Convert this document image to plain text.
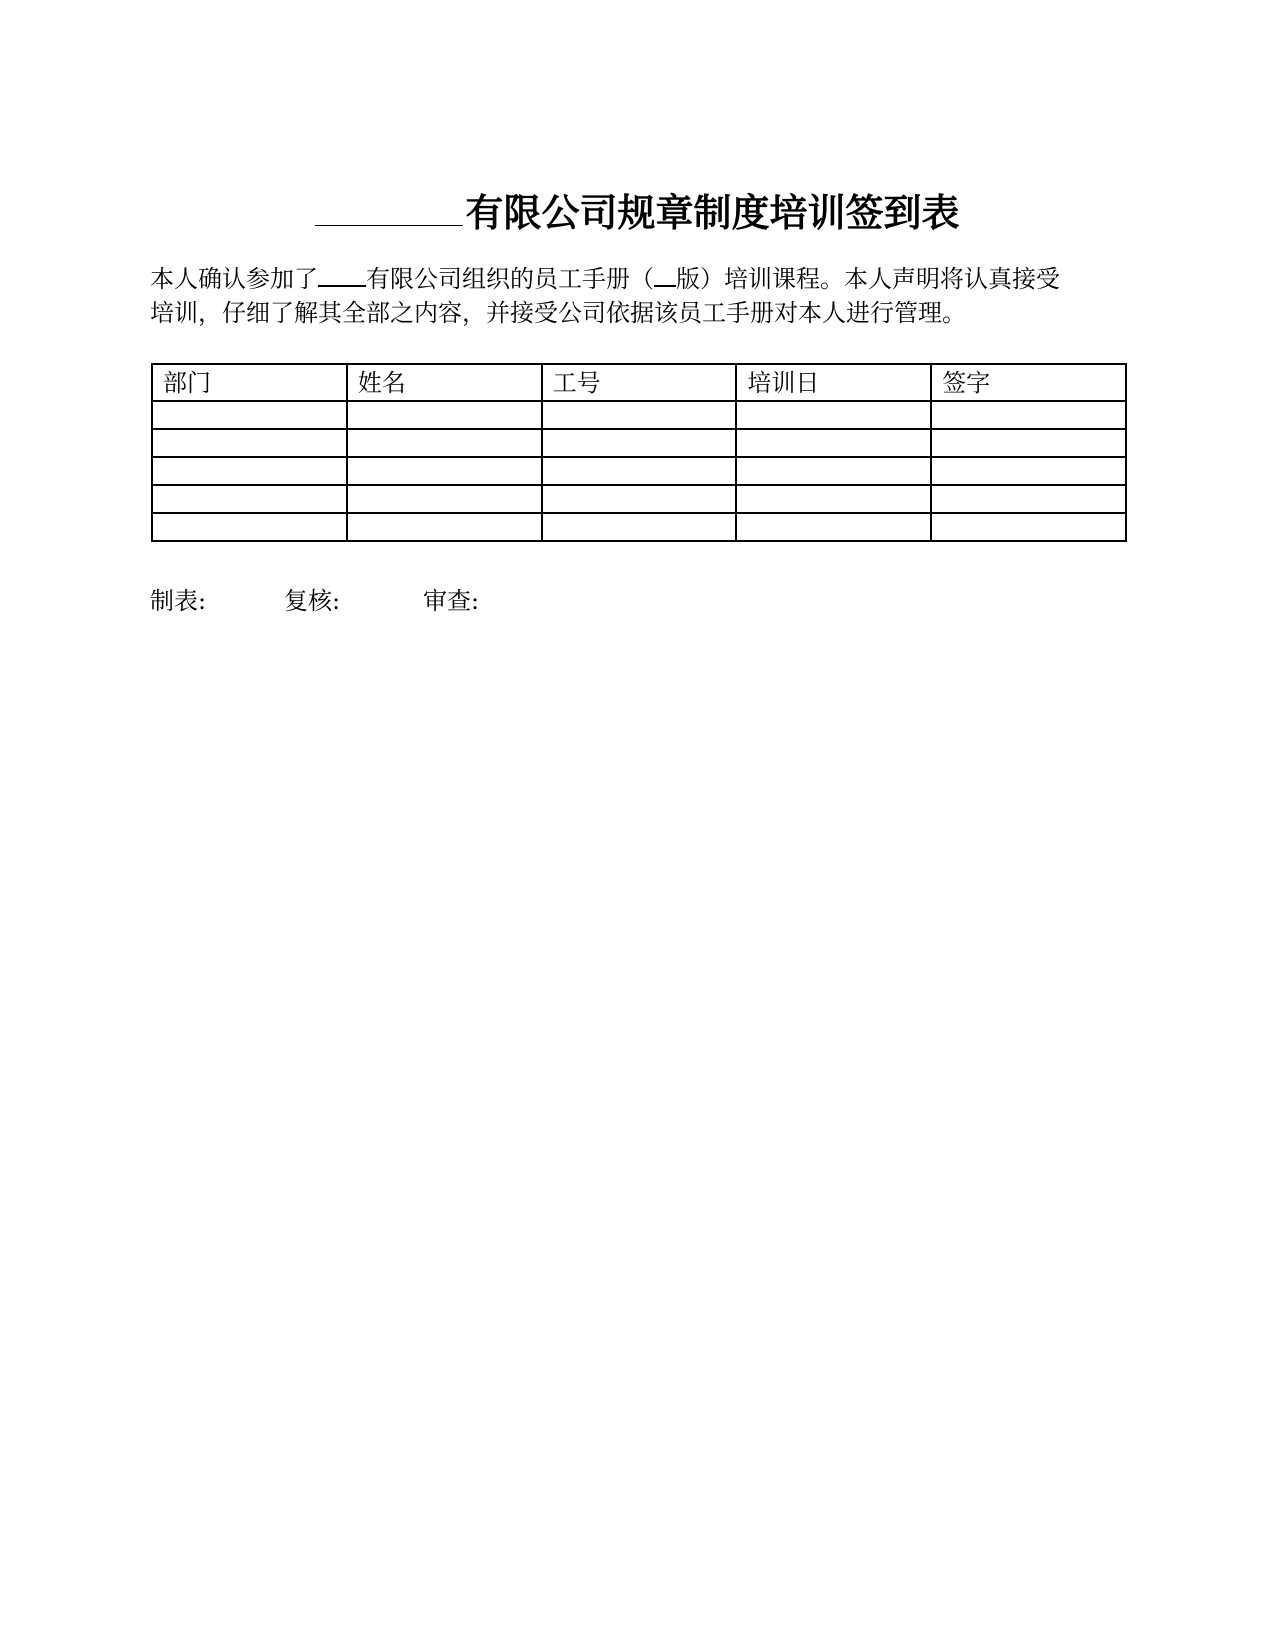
有限公司规章制度培训签到表
本人确认参加了 有限公司组织的员工手册（ 版）培训课程。本人声明将认真接受
培训，仔细了解其全部之内容，并接受公司依据该员工手册对本人进行管理。
部门	姓名	工号	培训日	签字

制表:	复核:	审查:
